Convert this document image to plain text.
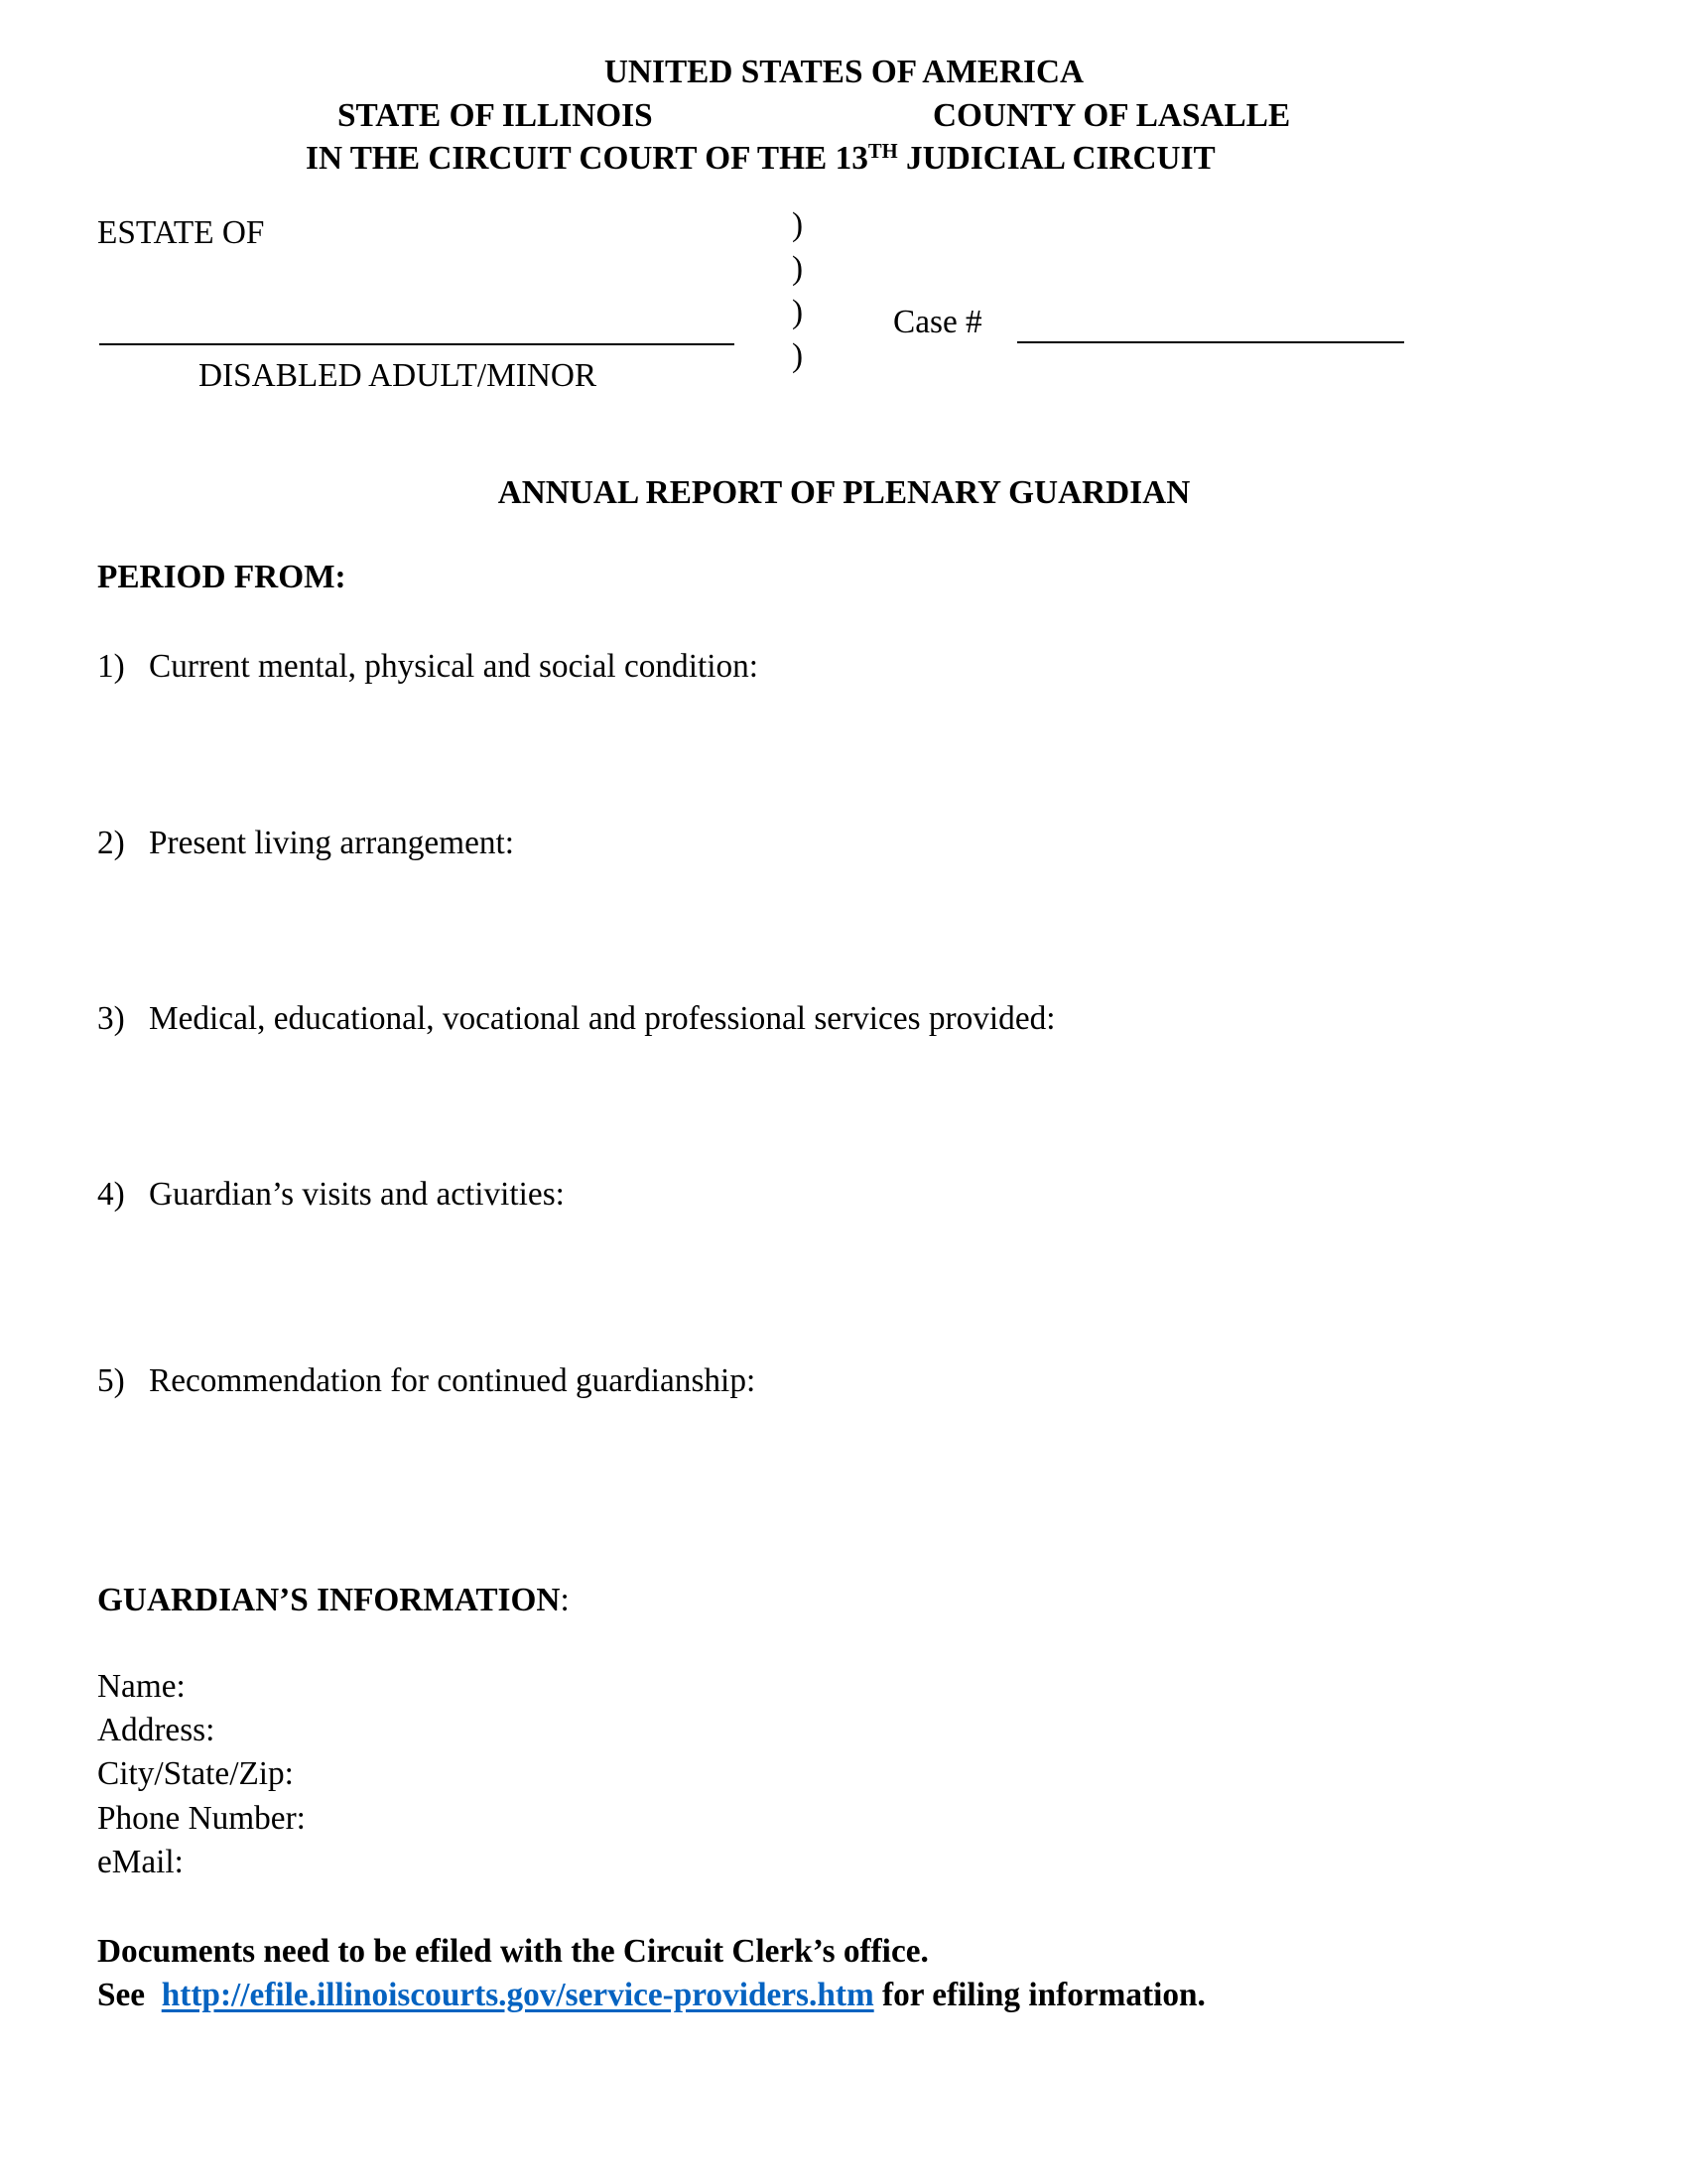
UNITED STATES OF AMERICA
STATE OF ILLINOIS	COUNTY OF LASALLE
IN THE CIRCUIT COURT OF THE 13TH JUDICIAL CIRCUIT
ESTATE OF
DISABLED ADULT/MINOR
)
)
)
)
Case #
ANNUAL REPORT OF PLENARY GUARDIAN
PERIOD FROM:
1) Current mental, physical and social condition:
2) Present living arrangement:
3) Medical, educational, vocational and professional services provided:
4) Guardian’s visits and activities:
5) Recommendation for continued guardianship:
GUARDIAN’S INFORMATION:
Name:
Address:
City/State/Zip:
Phone Number:
eMail:
Documents need to be efiled with the Circuit Clerk’s office.
See http://efile.illinoiscourts.gov/service-providers.htm for efiling information.
